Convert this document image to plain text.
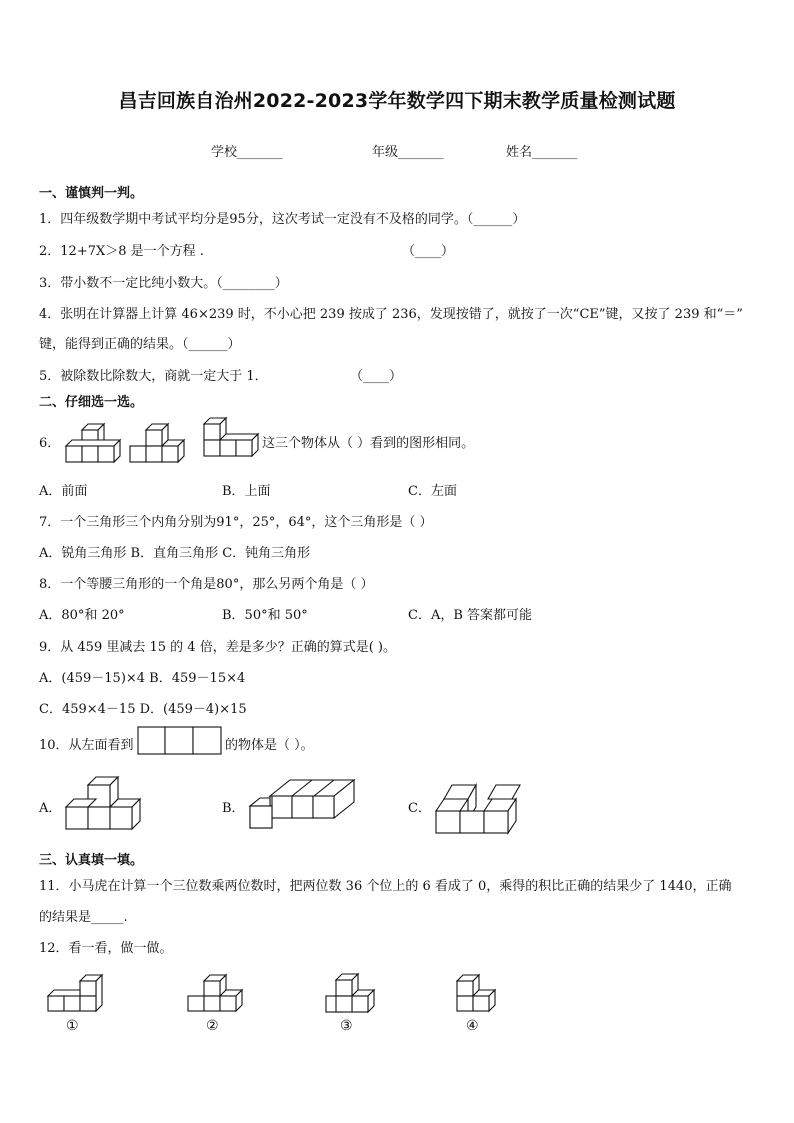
昌吉回族自治州2022-2023学年数学四下期末教学质量检测试题
学校_______	年级_______	姓名_______
一、谨慎判一判。
1．四年级数学期中考试平均分是95分，这次考试一定没有不及格的同学。（______）
2．12+7X＞8 是一个方程 .	（____）
3．带小数不一定比纯小数大。（________）
4．张明在计算器上计算 46×239 时，不小心把 239 按成了 236，发现按错了，就按了一次“CE”键，又按了 239 和“＝”
键，能得到正确的结果。（______）
5．被除数比除数大，商就一定大于 1．	（____）
二、仔细选一选。
6．	这三个物体从（ ）看到的图形相同。
A．前面	B．上面	C．左面
7．一个三角形三个内角分别为91°，25°，64°，这个三角形是（ ）
A．锐角三角形 B．直角三角形 C．钝角三角形
8．一个等腰三角形的一个角是80°，那么另两个角是（ ）
A．80°和 20°	B．50°和 50°	C．A，B 答案都可能
9．从 459 里减去 15 的 4 倍，差是多少？正确的算式是( )。
A．(459－15)×4 B．459－15×4
C．459×4－15 D．(459－4)×15
10．从左面看到	的物体是（ ）。
A．	B．	C．
三、认真填一填。
11．小马虎在计算一个三位数乘两位数时，把两位数 36 个位上的 6 看成了 0，乘得的积比正确的结果少了 1440，正确
的结果是_____.
12．看一看，做一做。
①	②	③	④
